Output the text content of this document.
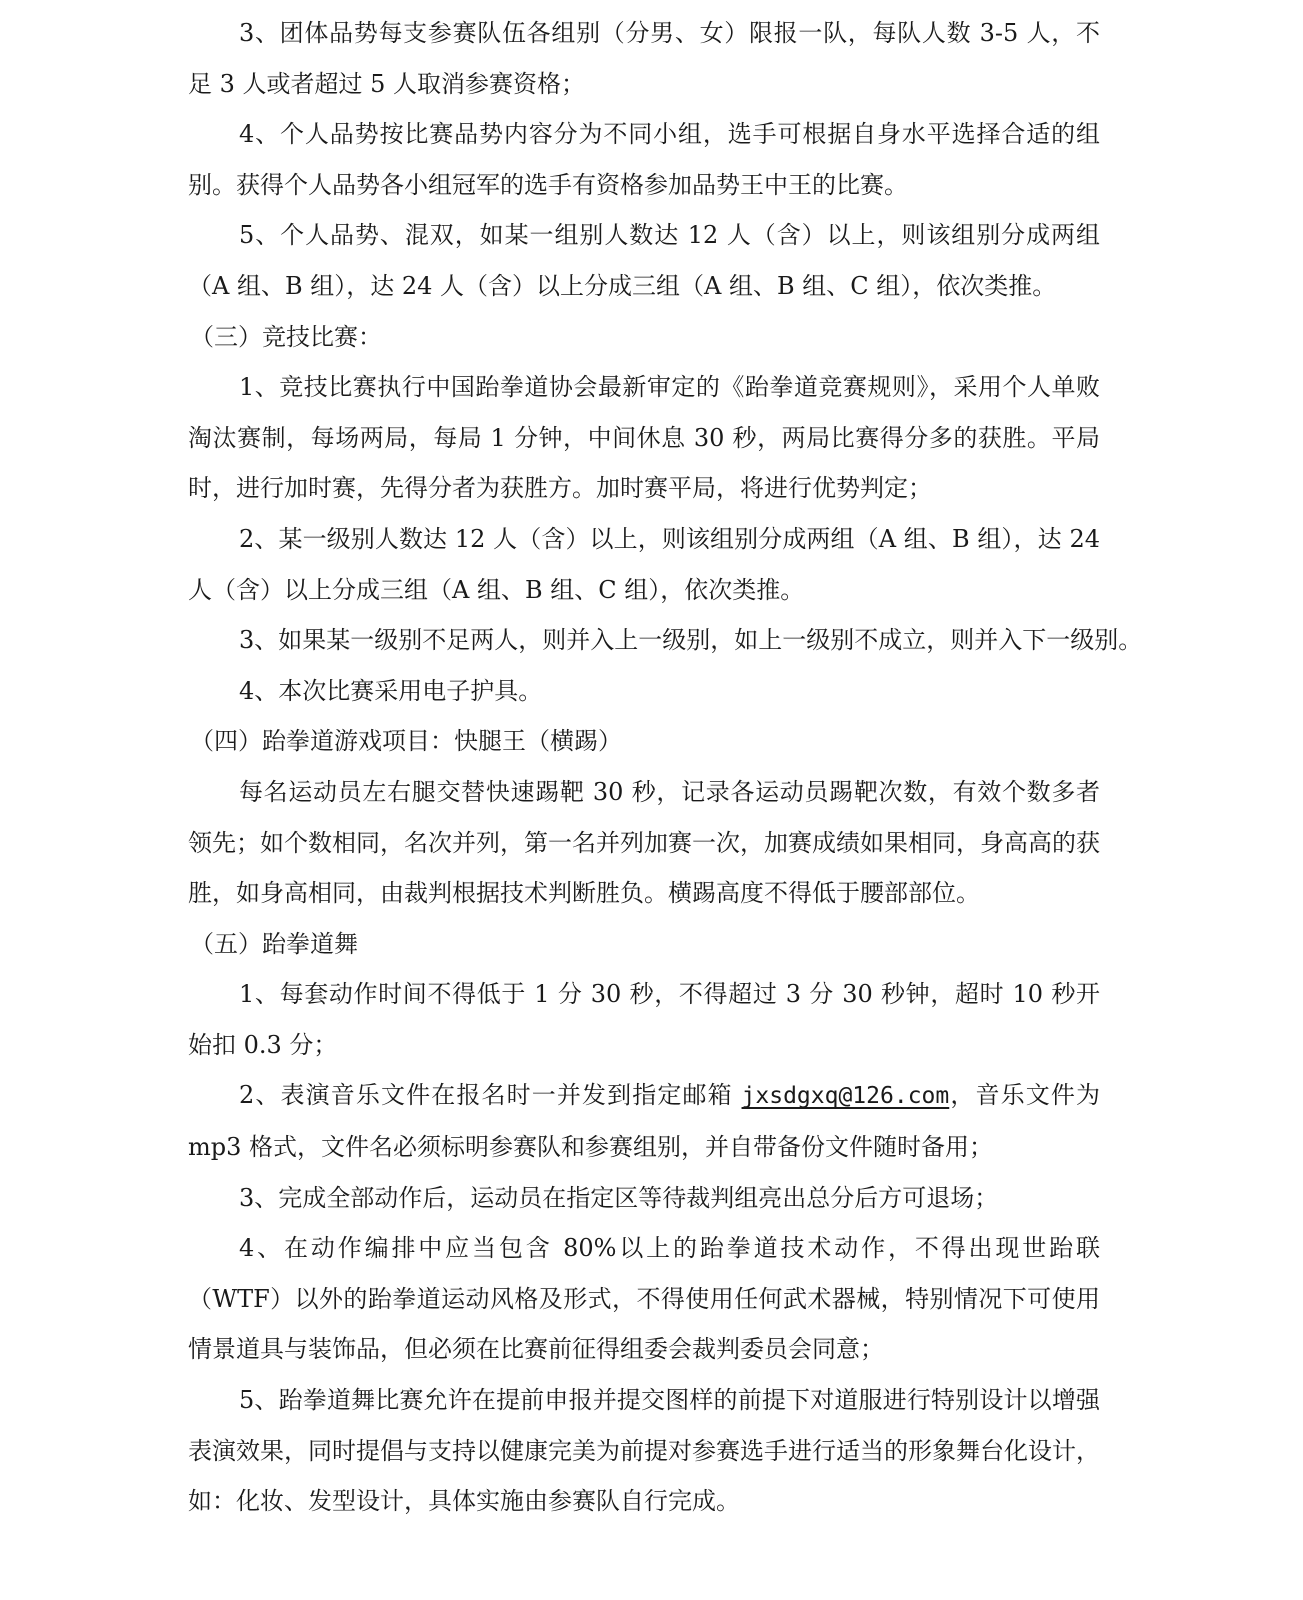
3、团体品势每支参赛队伍各组别（分男、女）限报一队，每队人数 3-5 人，不足 3 人或者超过 5 人取消参赛资格；

4、个人品势按比赛品势内容分为不同小组，选手可根据自身水平选择合适的组别。获得个人品势各小组冠军的选手有资格参加品势王中王的比赛。

5、个人品势、混双，如某一组别人数达 12 人（含）以上，则该组别分成两组（A 组、B 组），达 24 人（含）以上分成三组（A 组、B 组、C 组），依次类推。

（三）竞技比赛：

1、竞技比赛执行中国跆拳道协会最新审定的《跆拳道竞赛规则》，采用个人单败淘汰赛制，每场两局，每局 1 分钟，中间休息 30 秒，两局比赛得分多的获胜。平局时，进行加时赛，先得分者为获胜方。加时赛平局，将进行优势判定；

2、某一级别人数达 12 人（含）以上，则该组别分成两组（A 组、B 组），达 24 人（含）以上分成三组（A 组、B 组、C 组），依次类推。

3、如果某一级别不足两人，则并入上一级别，如上一级别不成立，则并入下一级别。

4、本次比赛采用电子护具。

（四）跆拳道游戏项目：快腿王（横踢）

每名运动员左右腿交替快速踢靶 30 秒，记录各运动员踢靶次数，有效个数多者领先；如个数相同，名次并列，第一名并列加赛一次，加赛成绩如果相同，身高高的获胜，如身高相同，由裁判根据技术判断胜负。横踢高度不得低于腰部部位。

（五）跆拳道舞

1、每套动作时间不得低于 1 分 30 秒，不得超过 3 分 30 秒钟，超时 10 秒开始扣 0.3 分；

2、表演音乐文件在报名时一并发到指定邮箱 jxsdgxq@126.com，音乐文件为 mp3 格式，文件名必须标明参赛队和参赛组别，并自带备份文件随时备用；

3、完成全部动作后，运动员在指定区等待裁判组亮出总分后方可退场；

4、在动作编排中应当包含 80%以上的跆拳道技术动作，不得出现世跆联（WTF）以外的跆拳道运动风格及形式，不得使用任何武术器械，特别情况下可使用情景道具与装饰品，但必须在比赛前征得组委会裁判委员会同意；

5、跆拳道舞比赛允许在提前申报并提交图样的前提下对道服进行特别设计以增强表演效果，同时提倡与支持以健康完美为前提对参赛选手进行适当的形象舞台化设计，如：化妆、发型设计，具体实施由参赛队自行完成。
